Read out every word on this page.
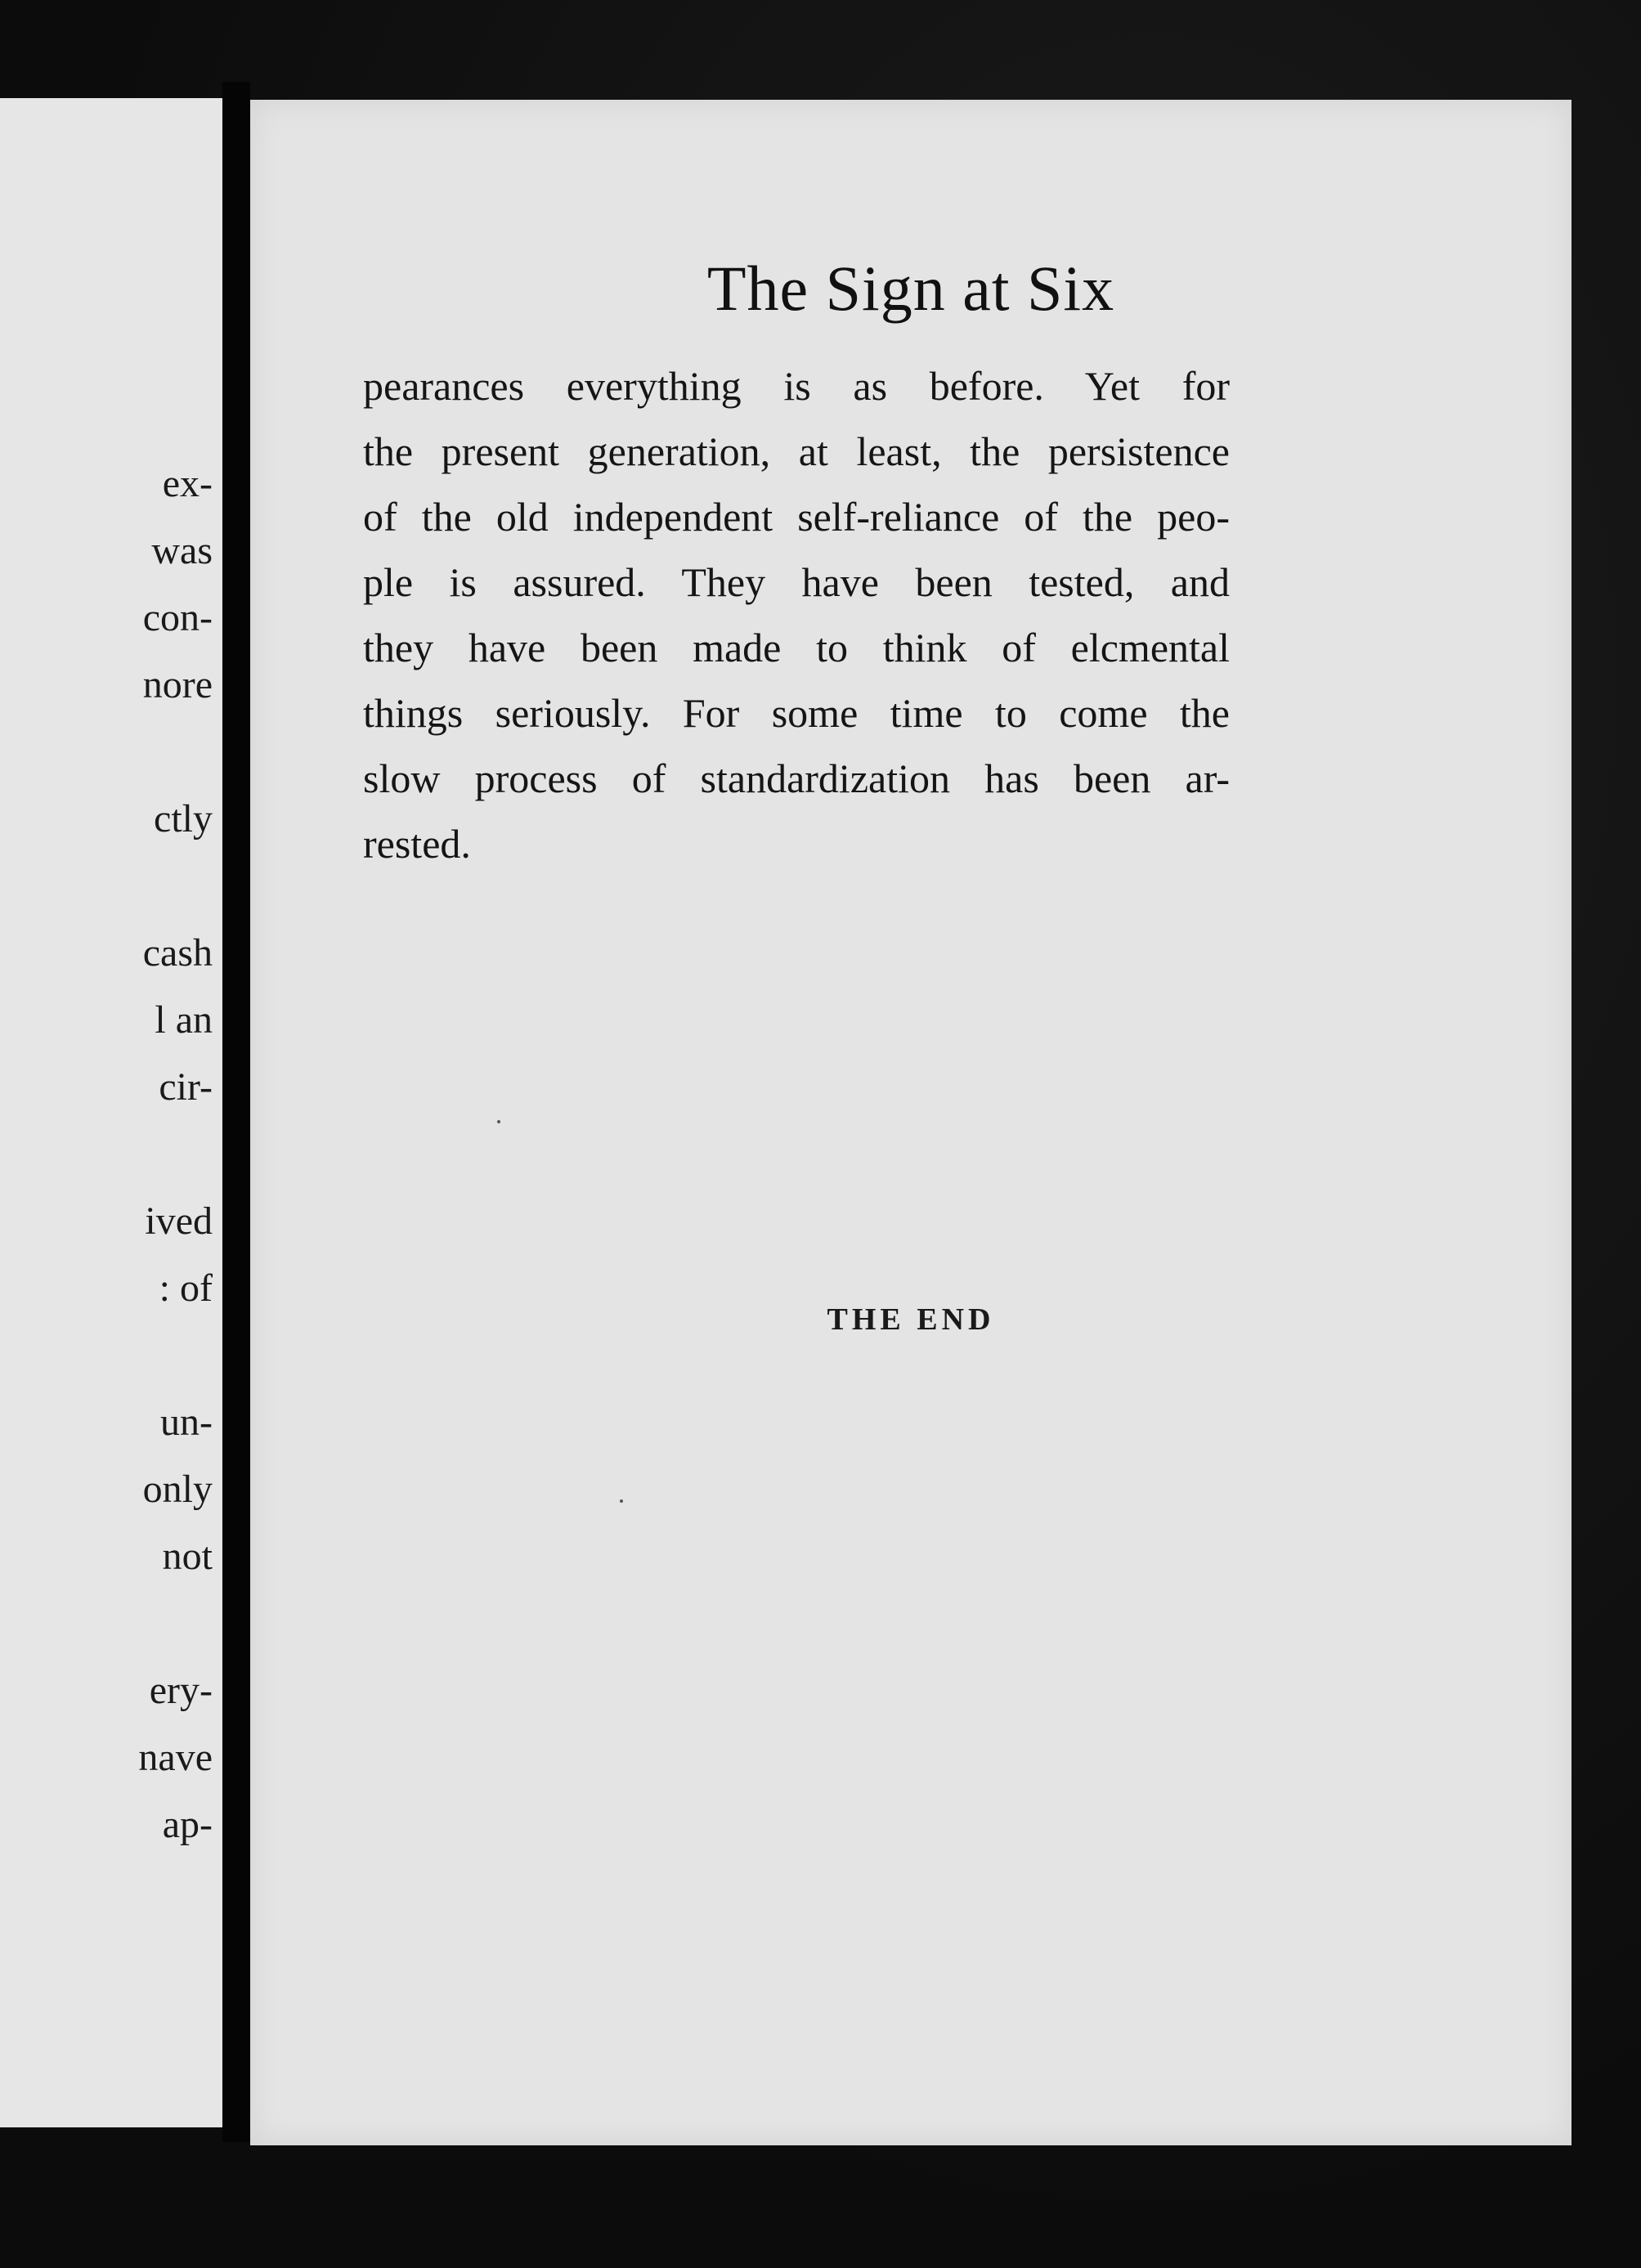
ex-
was
con-
nore
ctly
cash
l an
cir-
ived
: of
un-
only
not
ery-
nave
ap-
The Sign at Six
pearances everything is as before. Yet for
the present generation, at least, the persistence
of the old independent self-reliance of the peo-
ple is assured. They have been tested, and
they have been made to think of elcmental
things seriously. For some time to come the
slow process of standardization has been ar-
rested.
THE END
